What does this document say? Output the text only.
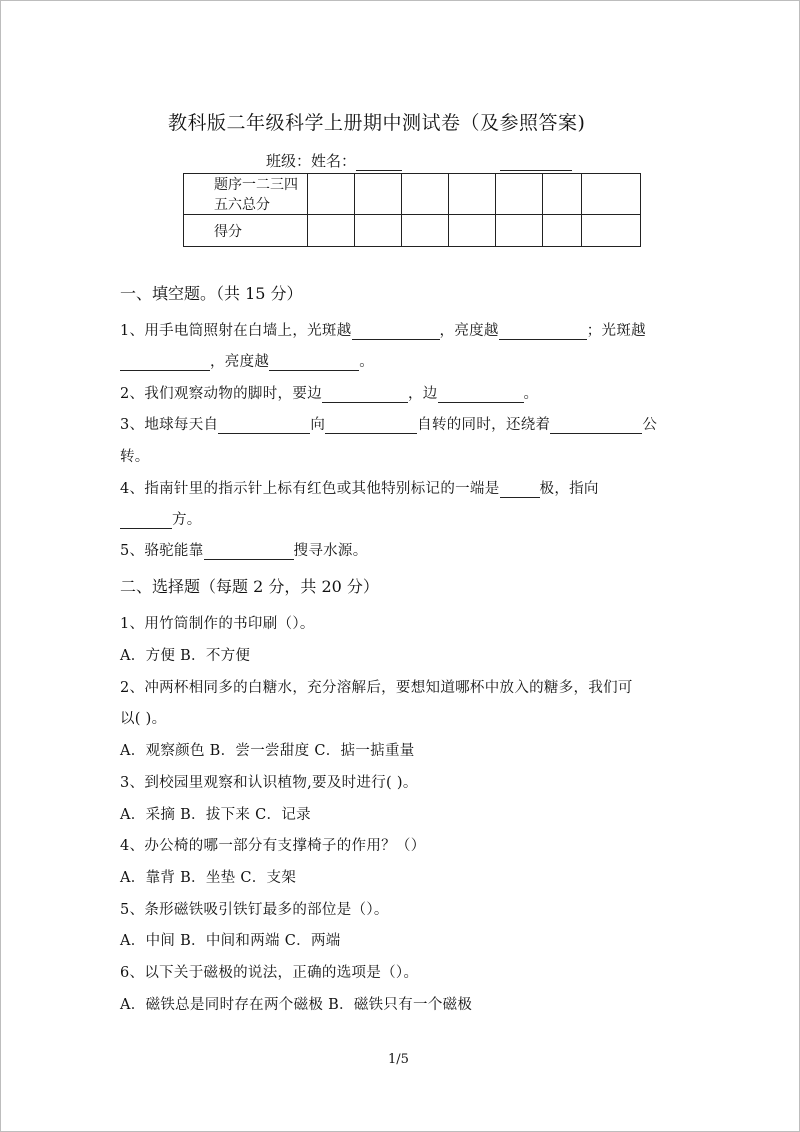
教科版二年级科学上册期中测试卷（及参照答案)
班级：姓名：
题序一二三四五六总分							
得分							
一、填空题。（共 15 分）
1、用手电筒照射在白墙上，光斑越	，亮度越	；光斑越
，亮度越	。
2、我们观察动物的脚时，要边	，边	。
3、地球每天自	向	自转的同时，还绕着	公
转。
4、指南针里的指示针上标有红色或其他特别标记的一端是	极，指向
方。
5、骆驼能靠	搜寻水源。
二、选择题（每题 2 分，共 20 分）
1、用竹筒制作的书印刷（）。
A．方便 B．不方便
2、冲两杯相同多的白糖水，充分溶解后，要想知道哪杯中放入的糖多，我们可
以( )。
A．观察颜色 B．尝一尝甜度 C．掂一掂重量
3、到校园里观察和认识植物,要及时进行( )。
A．采摘 B．拔下来 C．记录
4、办公椅的哪一部分有支撑椅子的作用？（）
A．靠背 B．坐垫 C．支架
5、条形磁铁吸引铁钉最多的部位是（）。
A．中间 B．中间和两端 C．两端
6、以下关于磁极的说法，正确的选项是（）。
A．磁铁总是同时存在两个磁极 B．磁铁只有一个磁极
1/5
